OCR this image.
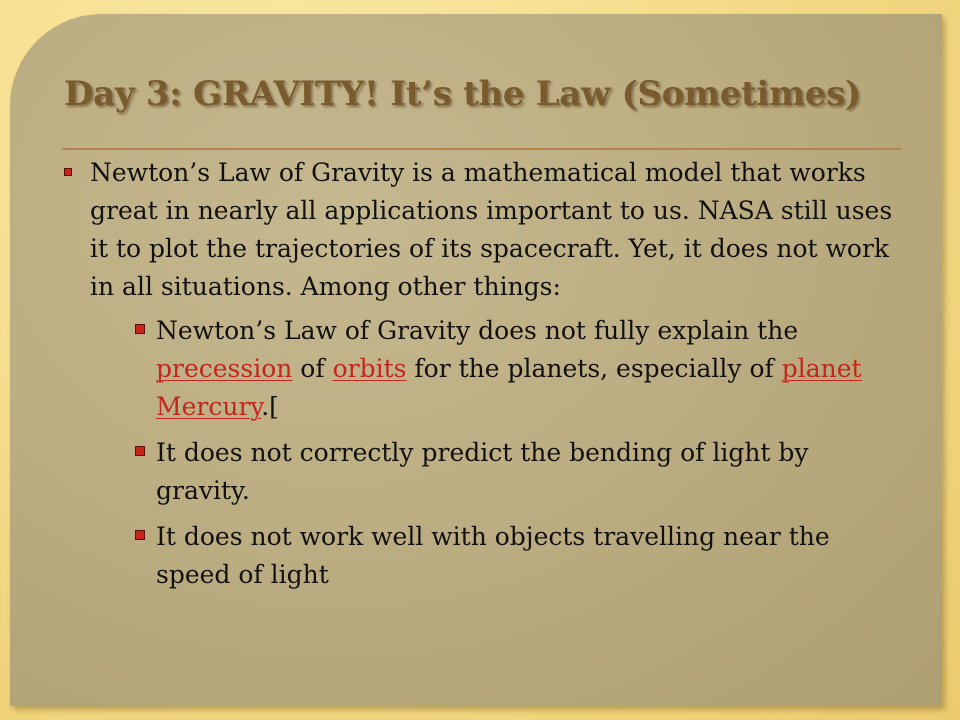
Day 3: GRAVITY! It’s the Law (Sometimes)
Newton’s Law of Gravity is a mathematical model that works great in nearly all applications important to us. NASA still uses it to plot the trajectories of its spacecraft. Yet, it does not work in all situations. Among other things:
Newton’s Law of Gravity does not fully explain the precession of orbits for the planets, especially of planet Mercury.[
It does not correctly predict the bending of light by gravity.
It does not work well with objects travelling near the speed of light
